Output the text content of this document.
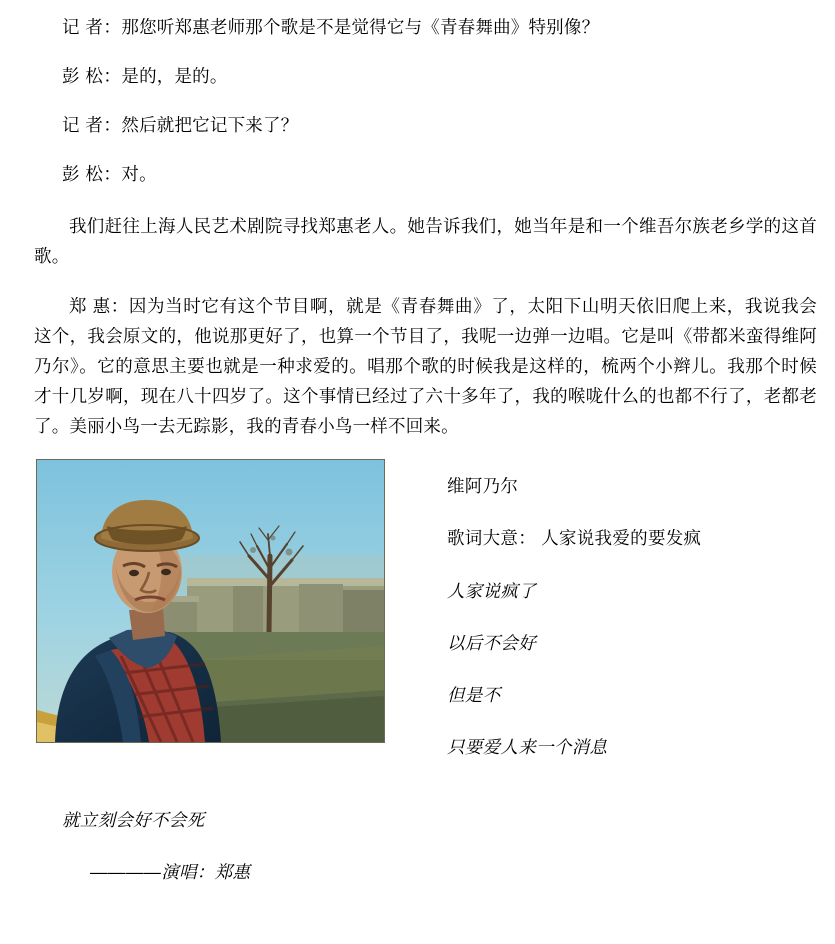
记 者：那您听郑惠老师那个歌是不是觉得它与《青春舞曲》特别像？

彭 松：是的，是的。

记 者：然后就把它记下来了？

彭 松：对。

我们赶往上海人民艺术剧院寻找郑惠老人。她告诉我们，她当年是和一个维吾尔族老乡学的这首歌。

郑 惠：因为当时它有这个节目啊，就是《青春舞曲》了，太阳下山明天依旧爬上来，我说我会这个，我会原文的，他说那更好了，也算一个节目了，我呢一边弹一边唱。它是叫《带都米蛮得维阿乃尔》。它的意思主要也就是一种求爱的。唱那个歌的时候我是这样的，梳两个小辫儿。我那个时候才十几岁啊，现在八十四岁了。这个事情已经过了六十多年了，我的喉咙什么的也都不行了，老都老了。美丽小鸟一去无踪影，我的青春小鸟一样不回来。

维阿乃尔

歌词大意： 人家说我爱的要发疯

人家说疯了

以后不会好

但是不

只要爱人来一个消息

就立刻会好不会死

————演唱：郑惠
